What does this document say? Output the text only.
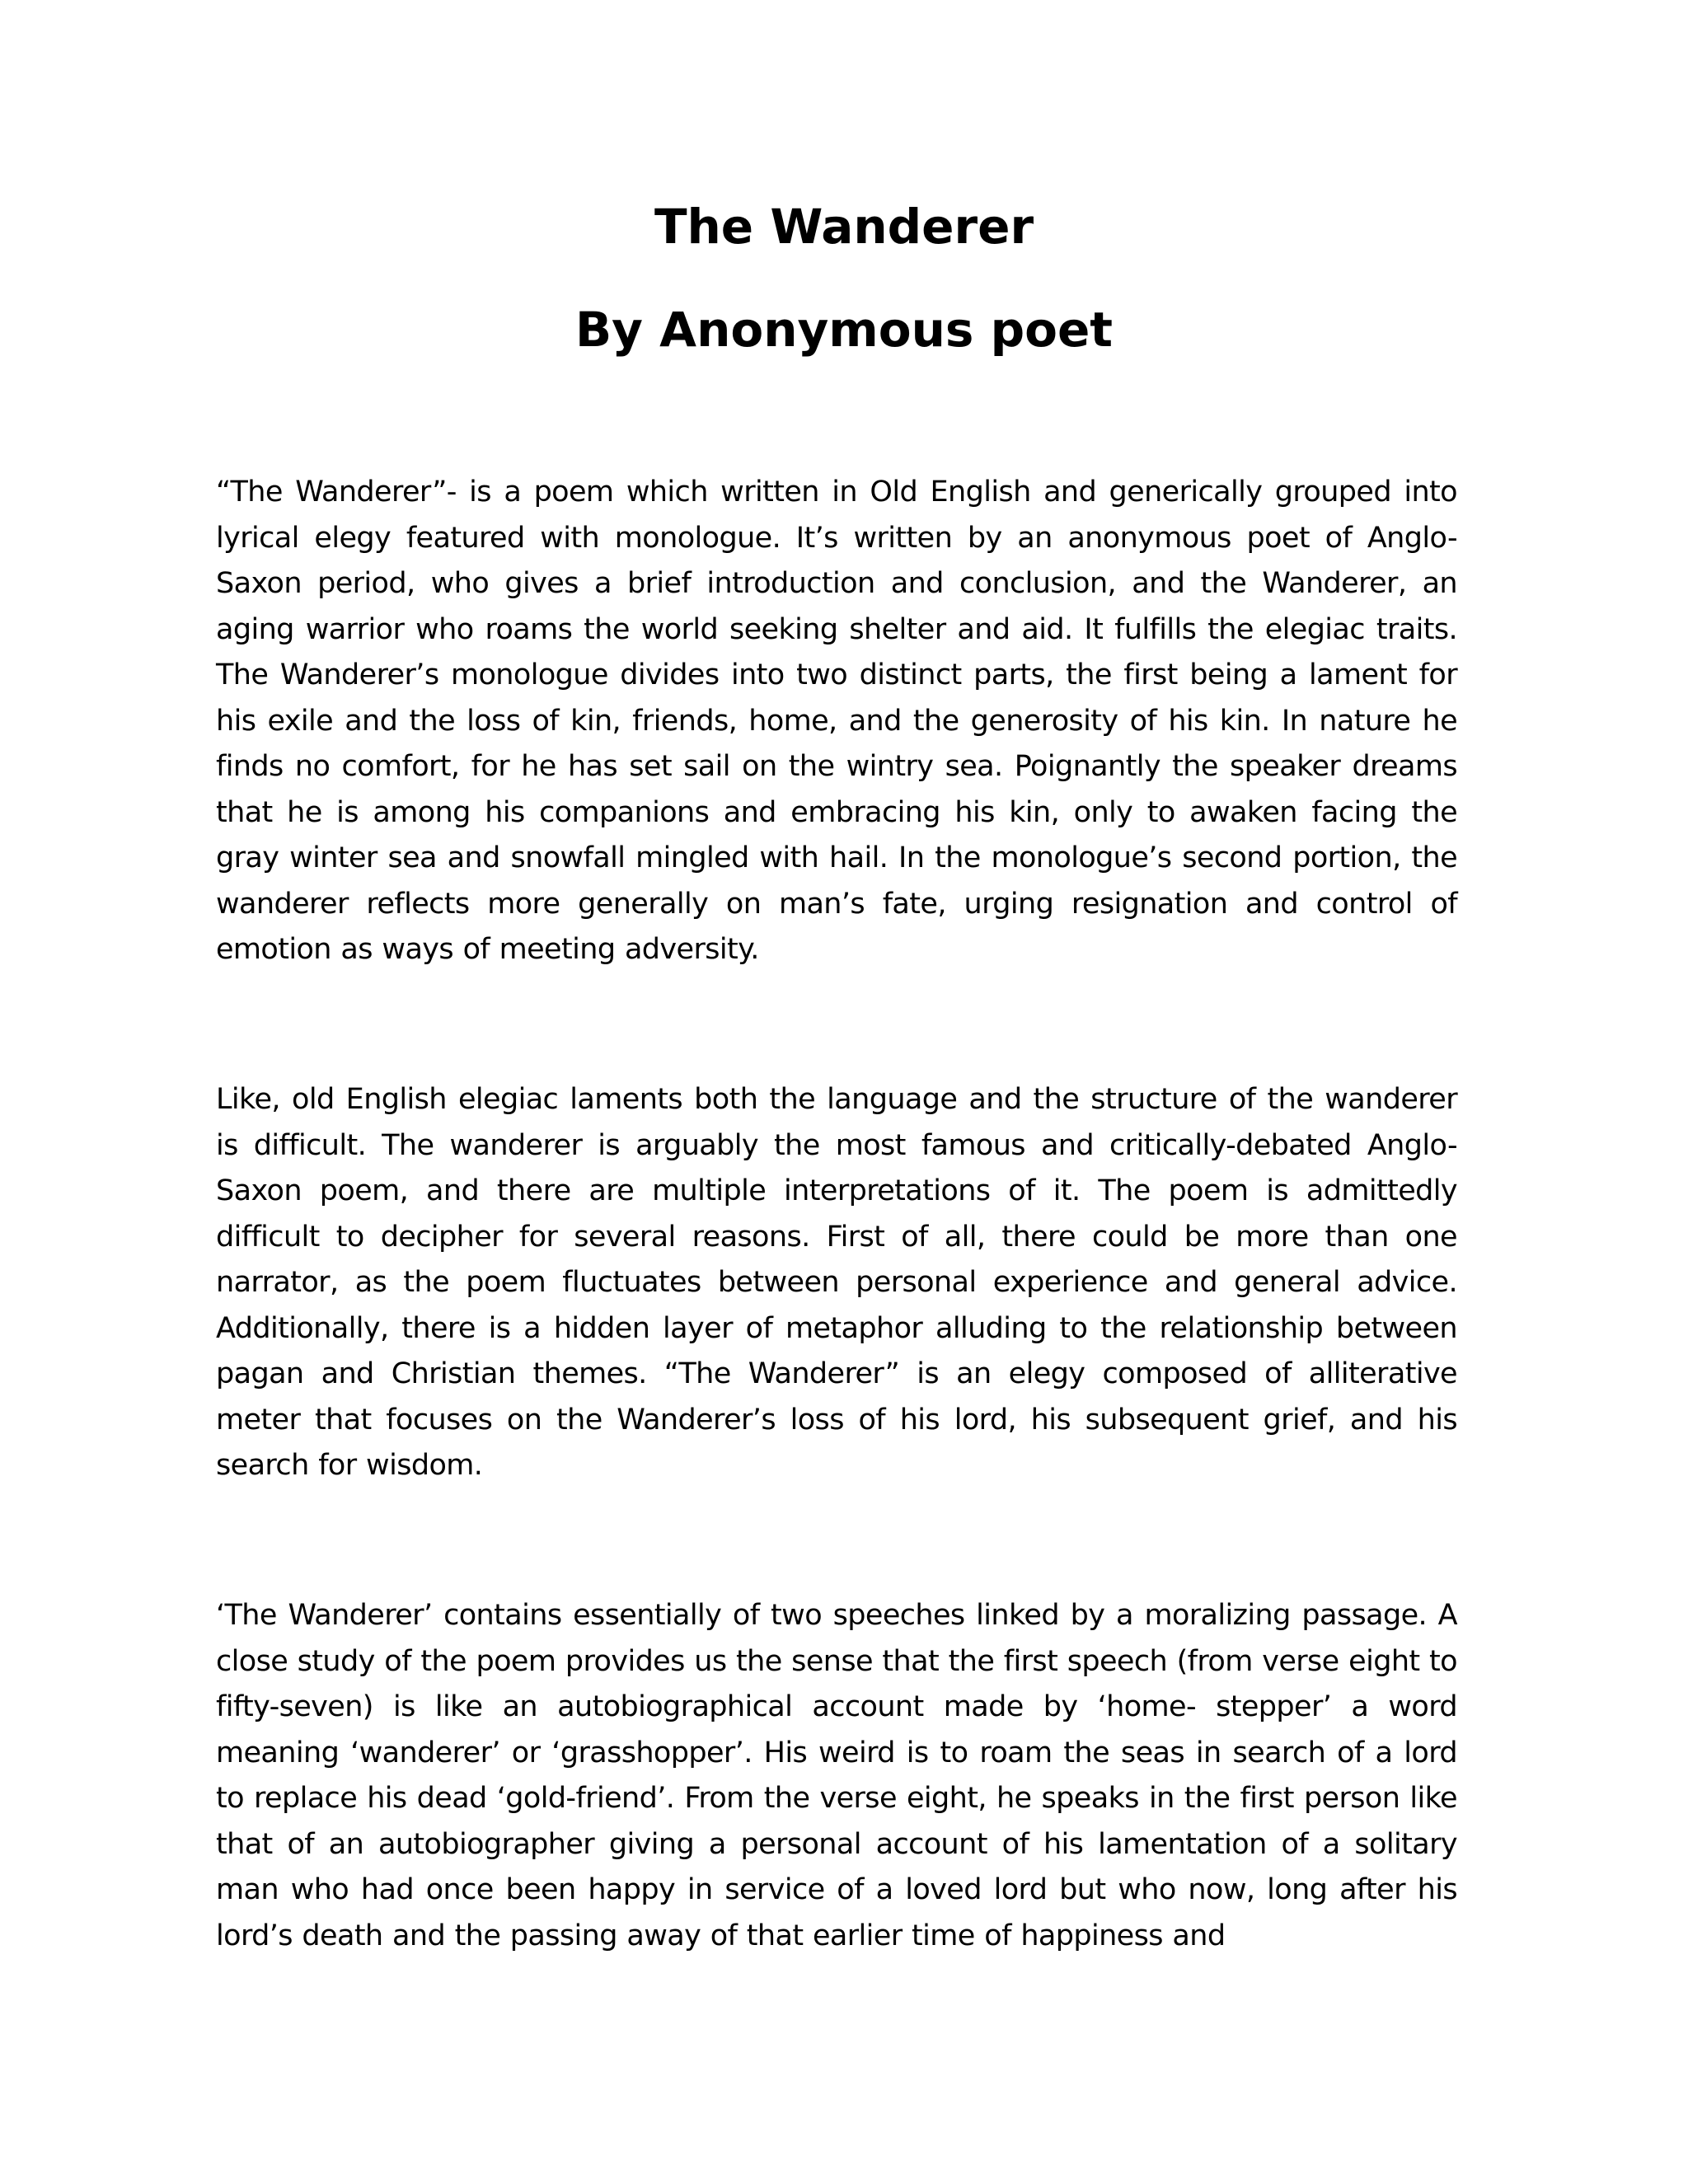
The Wanderer
By Anonymous poet

“The Wanderer”- is a poem which written in Old English and generically grouped into lyrical elegy featured with monologue. It’s written by an anonymous poet of Anglo-Saxon period, who gives a brief introduction and conclusion, and the Wanderer, an aging warrior who roams the world seeking shelter and aid. It fulfills the elegiac traits. The Wanderer’s monologue divides into two distinct parts, the first being a lament for his exile and the loss of kin, friends, home, and the generosity of his kin. In nature he finds no comfort, for he has set sail on the wintry sea. Poignantly the speaker dreams that he is among his companions and embracing his kin, only to awaken facing the gray winter sea and snowfall mingled with hail. In the monologue’s second portion, the wanderer reflects more generally on man’s fate, urging resignation and control of emotion as ways of meeting adversity.

Like, old English elegiac laments both the language and the structure of the wanderer is difficult. The wanderer is arguably the most famous and critically-debated Anglo-Saxon poem, and there are multiple interpretations of it. The poem is admittedly difficult to decipher for several reasons. First of all, there could be more than one narrator, as the poem fluctuates between personal experience and general advice. Additionally, there is a hidden layer of metaphor alluding to the relationship between pagan and Christian themes. “The Wanderer” is an elegy composed of alliterative meter that focuses on the Wanderer’s loss of his lord, his subsequent grief, and his search for wisdom.

‘The Wanderer’ contains essentially of two speeches linked by a moralizing passage. A close study of the poem provides us the sense that the first speech (from verse eight to fifty-seven) is like an autobiographical account made by ‘home- stepper’ a word meaning ‘wanderer’ or ‘grasshopper’. His weird is to roam the seas in search of a lord to replace his dead ‘gold-friend’. From the verse eight, he speaks in the first person like that of an autobiographer giving a personal account of his lamentation of a solitary man who had once been happy in service of a loved lord but who now, long after his lord’s death and the passing away of that earlier time of happiness and
